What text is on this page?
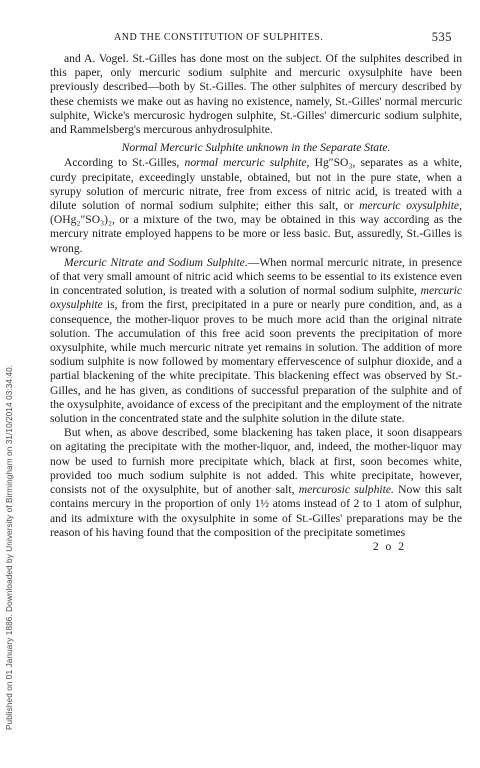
Published on 01 January 1886. Downloaded by University of Birmingham on 31/10/2014 03:34:40.
AND THE CONSTITUTION OF SULPHITES.	535

and A. Vogel. St.-Gilles has done most on the subject. Of the sulphites described in this paper, only mercuric sodium sulphite and mercuric oxysulphite have been previously described—both by St.-Gilles. The other sulphites of mercury described by these chemists we make out as having no existence, namely, St.-Gilles' normal mercuric sulphite, Wicke's mercurosic hydrogen sulphite, St.-Gilles' dimercuric sodium sulphite, and Rammelsberg's mercurous anhydrosulphite.

Normal Mercuric Sulphite unknown in the Separate State.

According to St.-Gilles, normal mercuric sulphite, Hg″SO₃, separates as a white, curdy precipitate, exceedingly unstable, obtained, but not in the pure state, when a syrupy solution of mercuric nitrate, free from excess of nitric acid, is treated with a dilute solution of normal sodium sulphite; either this salt, or mercuric oxysulphite, (OHg₂″SO₃)₂, or a mixture of the two, may be obtained in this way according as the mercury nitrate employed happens to be more or less basic. But, assuredly, St.-Gilles is wrong.

Mercuric Nitrate and Sodium Sulphite.—When normal mercuric nitrate, in presence of that very small amount of nitric acid which seems to be essential to its existence even in concentrated solution, is treated with a solution of normal sodium sulphite, mercuric oxysulphite is, from the first, precipitated in a pure or nearly pure condition, and, as a consequence, the mother-liquor proves to be much more acid than the original nitrate solution. The accumulation of this free acid soon prevents the precipitation of more oxysulphite, while much mercuric nitrate yet remains in solution. The addition of more sodium sulphite is now followed by momentary effervescence of sulphur dioxide, and a partial blackening of the white precipitate. This blackening effect was observed by St.-Gilles, and he has given, as conditions of successful preparation of the sulphite and of the oxysulphite, avoidance of excess of the precipitant and the employment of the nitrate solution in the concentrated state and the sulphite solution in the dilute state.

But when, as above described, some blackening has taken place, it soon disappears on agitating the precipitate with the mother-liquor, and, indeed, the mother-liquor may now be used to furnish more precipitate which, black at first, soon becomes white, provided too much sodium sulphite is not added. This white precipitate, however, consists not of the oxysulphite, but of another salt, mercurosic sulphite. Now this salt contains mercury in the proportion of only 1½ atoms instead of 2 to 1 atom of sulphur, and its admixture with the oxysulphite in some of St.-Gilles' preparations may be the reason of his having found that the composition of the precipitate sometimes

2 o 2
